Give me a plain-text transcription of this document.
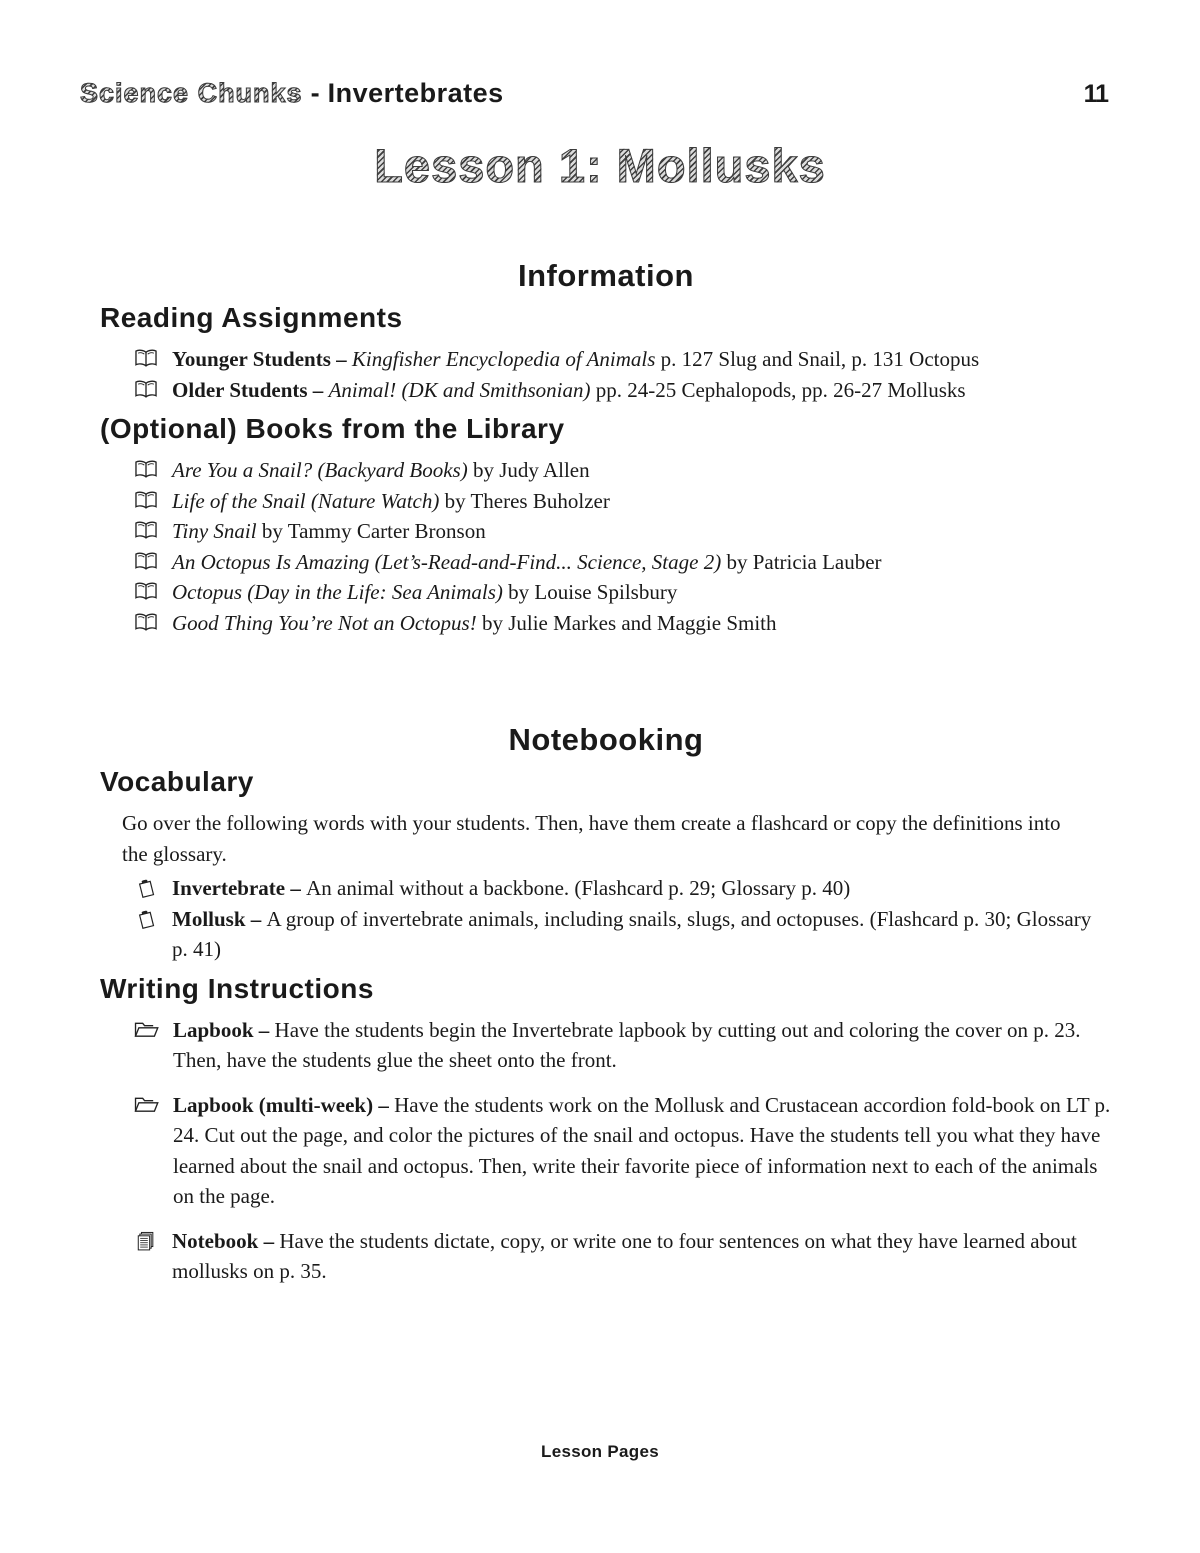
Science Chunks - Invertebrates	11
Lesson 1: Mollusks
Information
Reading Assignments
Younger Students – Kingfisher Encyclopedia of Animals p. 127 Slug and Snail, p. 131 Octopus
Older Students – Animal! (DK and Smithsonian) pp. 24-25 Cephalopods, pp. 26-27 Mollusks
(Optional) Books from the Library
Are You a Snail? (Backyard Books) by Judy Allen
Life of the Snail (Nature Watch) by Theres Buholzer
Tiny Snail by Tammy Carter Bronson
An Octopus Is Amazing (Let’s-Read-and-Find... Science, Stage 2) by Patricia Lauber
Octopus (Day in the Life: Sea Animals) by Louise Spilsbury
Good Thing You’re Not an Octopus! by Julie Markes and Maggie Smith
Notebooking
Vocabulary

Go over the following words with your students. Then, have them create a flashcard or copy the definitions into the glossary.

Invertebrate – An animal without a backbone. (Flashcard p. 29; Glossary p. 40)
Mollusk – A group of invertebrate animals, including snails, slugs, and octopuses. (Flashcard p. 30; Glossary p. 41)
Writing Instructions
Lapbook – Have the students begin the Invertebrate lapbook by cutting out and coloring the cover on p. 23. Then, have the students glue the sheet onto the front.
Lapbook (multi-week) – Have the students work on the Mollusk and Crustacean accordion fold-book on LT p. 24. Cut out the page, and color the pictures of the snail and octopus. Have the students tell you what they have learned about the snail and octopus. Then, write their favorite piece of information next to each of the animals on the page.
Notebook – Have the students dictate, copy, or write one to four sentences on what they have learned about mollusks on p. 35.
Lesson Pages
